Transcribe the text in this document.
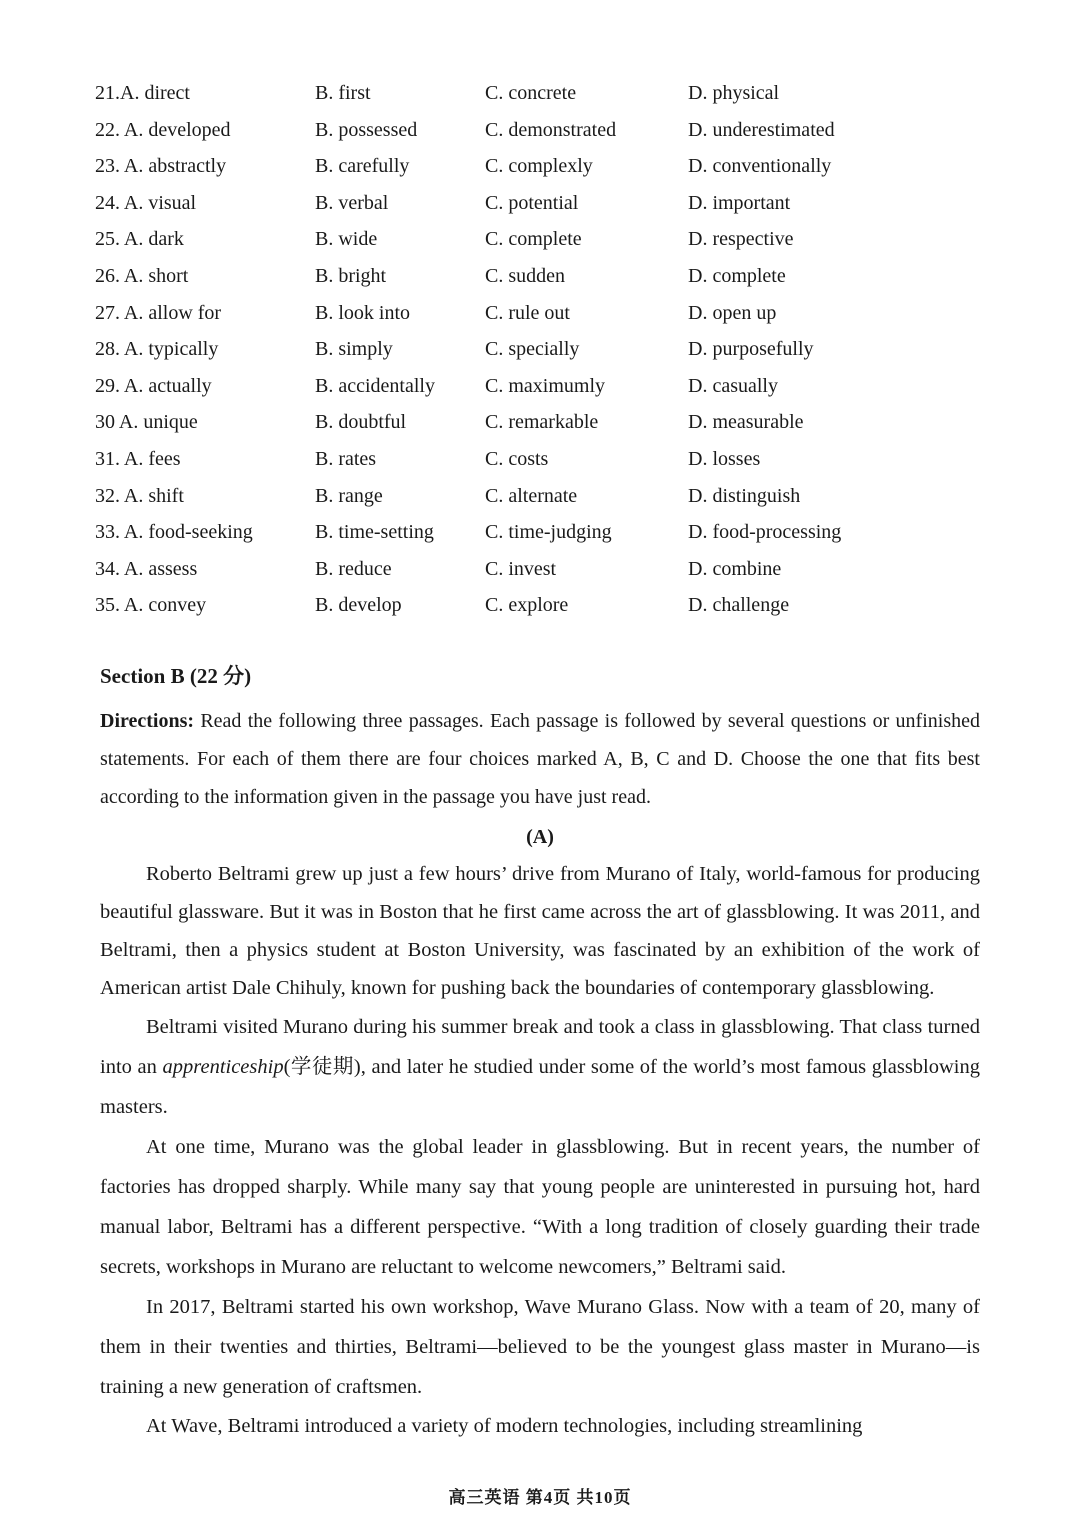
21.A. direct	B. first	C. concrete	D. physical
22. A. developed	B. possessed	C. demonstrated	D. underestimated
23. A. abstractly	B. carefully	C. complexly	D. conventionally
24. A. visual	B. verbal	C. potential	D. important
25. A. dark	B. wide	C. complete	D. respective
26. A. short	B. bright	C. sudden	D. complete
27. A. allow for	B. look into	C. rule out	D. open up
28. A. typically	B. simply	C. specially	D. purposefully
29. A. actually	B. accidentally	C. maximumly	D. casually
30 A. unique	B. doubtful	C. remarkable	D. measurable
31. A. fees	B. rates	C. costs	D. losses
32. A. shift	B. range	C. alternate	D. distinguish
33. A. food-seeking	B. time-setting	C. time-judging	D. food-processing
34. A. assess	B. reduce	C. invest	D. combine
35. A. convey	B. develop	C. explore	D. challenge

Section B (22 分)

Directions: Read the following three passages. Each passage is followed by several questions or unfinished statements. For each of them there are four choices marked A, B, C and D. Choose the one that fits best according to the information given in the passage you have just read.

(A)

Roberto Beltrami grew up just a few hours’ drive from Murano of Italy, world-famous for producing beautiful glassware. But it was in Boston that he first came across the art of glassblowing. It was 2011, and Beltrami, then a physics student at Boston University, was fascinated by an exhibition of the work of American artist Dale Chihuly, known for pushing back the boundaries of contemporary glassblowing.

Beltrami visited Murano during his summer break and took a class in glassblowing. That class turned into an apprenticeship(学徒期), and later he studied under some of the world’s most famous glassblowing masters.

At one time, Murano was the global leader in glassblowing. But in recent years, the number of factories has dropped sharply. While many say that young people are uninterested in pursuing hot, hard manual labor, Beltrami has a different perspective. “With a long tradition of closely guarding their trade secrets, workshops in Murano are reluctant to welcome newcomers,” Beltrami said.

In 2017, Beltrami started his own workshop, Wave Murano Glass. Now with a team of 20, many of them in their twenties and thirties, Beltrami—believed to be the youngest glass master in Murano—is training a new generation of craftsmen.

At Wave, Beltrami introduced a variety of modern technologies, including streamlining

高三英语 第4页 共10页
